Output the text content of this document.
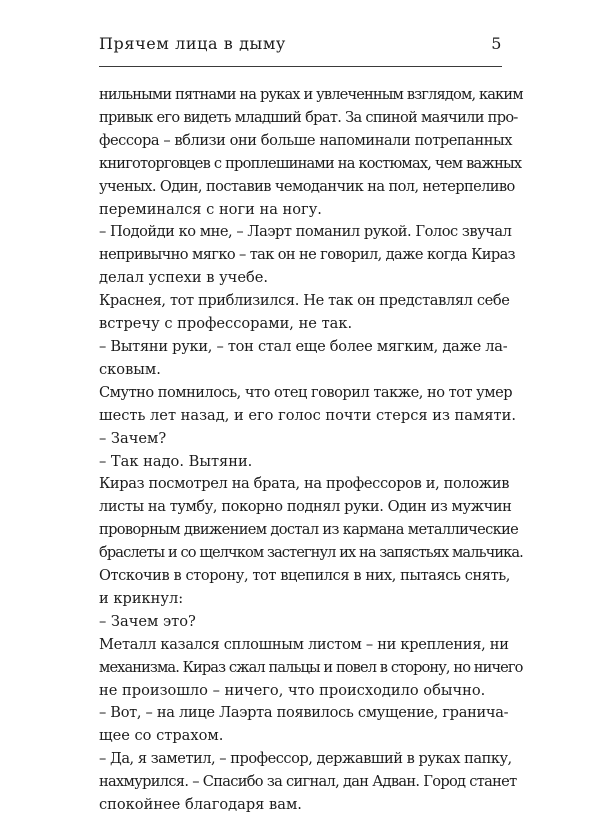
Прячем лица в дыму	5

нильными пятнами на руках и увлеченным взглядом, каким
привык его видеть младший брат. За спиной маячили про-
фессора – вблизи они больше напоминали потрепанных
книготорговцев с проплешинами на костюмах, чем важных
ученых. Один, поставив чемоданчик на пол, нетерпеливо
переминался с ноги на ногу.

– Подойди ко мне, – Лаэрт поманил рукой. Голос звучал
непривычно мягко – так он не говорил, даже когда Кираз
делал успехи в учебе.

Краснея, тот приблизился. Не так он представлял себе
встречу с профессорами, не так.

– Вытяни руки, – тон стал еще более мягким, даже ла-
сковым.

Смутно помнилось, что отец говорил также, но тот умер
шесть лет назад, и его голос почти стерся из памяти.

– Зачем?

– Так надо. Вытяни.

Кираз посмотрел на брата, на профессоров и, положив
листы на тумбу, покорно поднял руки. Один из мужчин
проворным движением достал из кармана металлические
браслеты и со щелчком застегнул их на запястьях мальчика.
Отскочив в сторону, тот вцепился в них, пытаясь снять,
и крикнул:

– Зачем это?

Металл казался сплошным листом – ни крепления, ни
механизма. Кираз сжал пальцы и повел в сторону, но ничего
не произошло – ничего, что происходило обычно.

– Вот, – на лице Лаэрта появилось смущение, гранича-
щее со страхом.

– Да, я заметил, – профессор, державший в руках папку,
нахмурился. – Спасибо за сигнал, дан Адван. Город станет
спокойнее благодаря вам.
